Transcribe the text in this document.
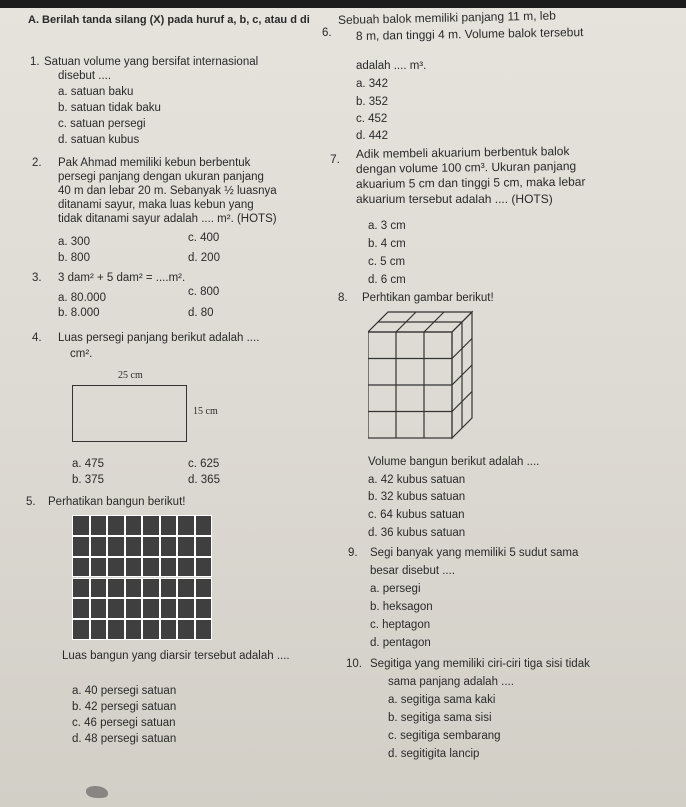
A. Berilah tanda silang (X) pada huruf a, b, c, atau d di
1. Satuan volume yang bersifat internasional
disebut ....
a. satuan baku
b. satuan tidak baku
c. satuan persegi
d. satuan kubus
2. Pak Ahmad memiliki kebun berbentuk
persegi panjang dengan ukuran panjang
40 m dan lebar 20 m. Sebanyak ½ luasnya
ditanami sayur, maka luas kebun yang
tidak ditanami sayur adalah .... m². (HOTS)
a. 300
b. 800
c. 400
d. 200
3. 3 dam² + 5 dam² = ....m².
a. 80.000
b. 8.000
c. 800
d. 80
4. Luas persegi panjang berikut adalah ....
cm².
25 cm
15 cm
a. 475
b. 375
c. 625
d. 365
5. Perhatikan bangun berikut!
Luas bangun yang diarsir tersebut adalah ....
a. 40 persegi satuan
b. 42 persegi satuan
c. 46 persegi satuan
d. 48 persegi satuan
6.
Sebuah balok memiliki panjang 11 m, leb
8 m, dan tinggi 4 m. Volume balok tersebut
adalah .... m³.
a. 342
b. 352
c. 452
d. 442
7. Adik membeli akuarium berbentuk balok
dengan volume 100 cm³. Ukuran panjang
akuarium 5 cm dan tinggi 5 cm, maka lebar
akuarium tersebut adalah .... (HOTS)
a. 3 cm
b. 4 cm
c. 5 cm
d. 6 cm
8. Perhtikan gambar berikut!
Volume bangun berikut adalah ....
a. 42 kubus satuan
b. 32 kubus satuan
c. 64 kubus satuan
d. 36 kubus satuan
9. Segi banyak yang memiliki 5 sudut sama
besar disebut ....
a. persegi
b. heksagon
c. heptagon
d. pentagon
10. Segitiga yang memiliki ciri-ciri tiga sisi tidak
sama panjang adalah ....
a. segitiga sama kaki
b. segitiga sama sisi
c. segitiga sembarang
d. segitigita lancip
